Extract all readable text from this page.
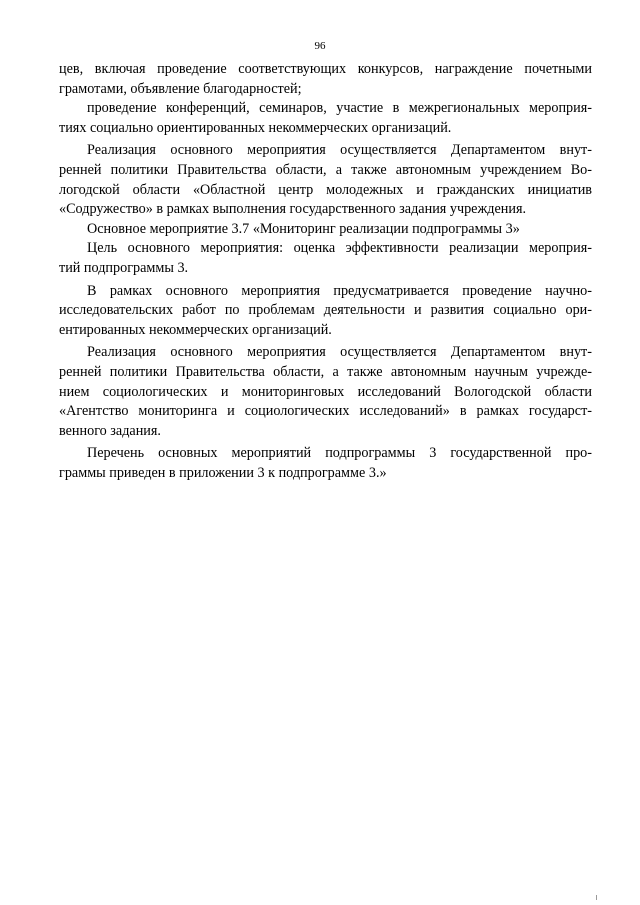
96
цев, включая проведение соответствующих конкурсов, награждение почетными
грамотами, объявление благодарностей;
проведение конференций, семинаров, участие в межрегиональных мероприя-
тиях социально ориентированных некоммерческих организаций.
Реализация основного мероприятия осуществляется Департаментом внут-
ренней политики Правительства области, а также автономным учреждением Во-
логодской области «Областной центр молодежных и гражданских инициатив
«Содружество» в рамках выполнения государственного задания учреждения.
Основное мероприятие 3.7 «Мониторинг реализации подпрограммы 3»
Цель основного мероприятия: оценка эффективности реализации мероприя-
тий подпрограммы 3.
В рамках основного мероприятия предусматривается проведение научно-
исследовательских работ по проблемам деятельности и развития социально ори-
ентированных некоммерческих организаций.
Реализация основного мероприятия осуществляется Департаментом внут-
ренней политики Правительства области, а также автономным научным учрежде-
нием социологических и мониторинговых исследований Вологодской области
«Агентство мониторинга и социологических исследований» в рамках государст-
венного задания.
Перечень основных мероприятий подпрограммы 3 государственной про-
граммы приведен в приложении 3 к подпрограмме 3.»
